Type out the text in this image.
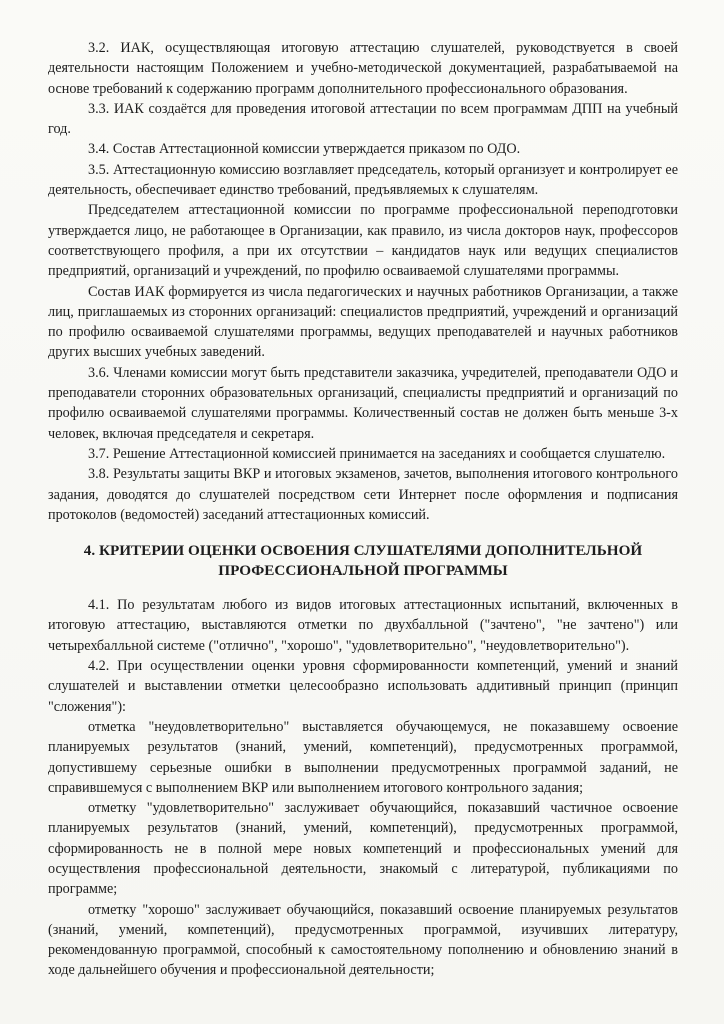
3.2. ИАК, осуществляющая итоговую аттестацию слушателей, руководствуется в своей деятельности настоящим Положением и учебно-методической документацией, разрабатываемой на основе требований к содержанию программ дополнительного профессионального образования.

3.3. ИАК создаётся для проведения итоговой аттестации по всем программам ДПП на учебный год.

3.4. Состав Аттестационной комиссии утверждается приказом по ОДО.

3.5. Аттестационную комиссию возглавляет председатель, который организует и контролирует ее деятельность, обеспечивает единство требований, предъявляемых к слушателям.

Председателем аттестационной комиссии по программе профессиональной переподготовки утверждается лицо, не работающее в Организации, как правило, из числа докторов наук, профессоров соответствующего профиля, а при их отсутствии – кандидатов наук или ведущих специалистов предприятий, организаций и учреждений, по профилю осваиваемой слушателями программы.

Состав ИАК формируется из числа педагогических и научных работников Организации, а также лиц, приглашаемых из сторонних организаций: специалистов предприятий, учреждений и организаций по профилю осваиваемой слушателями программы, ведущих преподавателей и научных работников других высших учебных заведений.

3.6. Членами комиссии могут быть представители заказчика, учредителей, преподаватели ОДО и преподаватели сторонних образовательных организаций, специалисты предприятий и организаций по профилю осваиваемой слушателями программы. Количественный состав не должен быть меньше 3-х человек, включая председателя и секретаря.

3.7. Решение Аттестационной комиссией принимается на заседаниях и сообщается слушателю.

3.8. Результаты защиты ВКР и итоговых экзаменов, зачетов, выполнения итогового контрольного задания, доводятся до слушателей посредством сети Интернет после оформления и подписания протоколов (ведомостей) заседаний аттестационных комиссий.

4. КРИТЕРИИ ОЦЕНКИ ОСВОЕНИЯ СЛУШАТЕЛЯМИ ДОПОЛНИТЕЛЬНОЙ
ПРОФЕССИОНАЛЬНОЙ ПРОГРАММЫ

4.1. По результатам любого из видов итоговых аттестационных испытаний, включенных в итоговую аттестацию, выставляются отметки по двухбалльной ("зачтено", "не зачтено") или четырехбалльной системе ("отлично", "хорошо", "удовлетворительно", "неудовлетворительно").

4.2. При осуществлении оценки уровня сформированности компетенций, умений и знаний слушателей и выставлении отметки целесообразно использовать аддитивный принцип (принцип "сложения"):

отметка "неудовлетворительно" выставляется обучающемуся, не показавшему освоение планируемых результатов (знаний, умений, компетенций), предусмотренных программой, допустившему серьезные ошибки в выполнении предусмотренных программой заданий, не справившемуся с выполнением ВКР или выполнением итогового контрольного задания;

отметку "удовлетворительно" заслуживает обучающийся, показавший частичное освоение планируемых результатов (знаний, умений, компетенций), предусмотренных программой, сформированность не в полной мере новых компетенций и профессиональных умений для осуществления профессиональной деятельности, знакомый с литературой, публикациями по программе;

отметку "хорошо" заслуживает обучающийся, показавший освоение планируемых результатов (знаний, умений, компетенций), предусмотренных программой, изучивших литературу, рекомендованную программой, способный к самостоятельному пополнению и обновлению знаний в ходе дальнейшего обучения и профессиональной деятельности;
